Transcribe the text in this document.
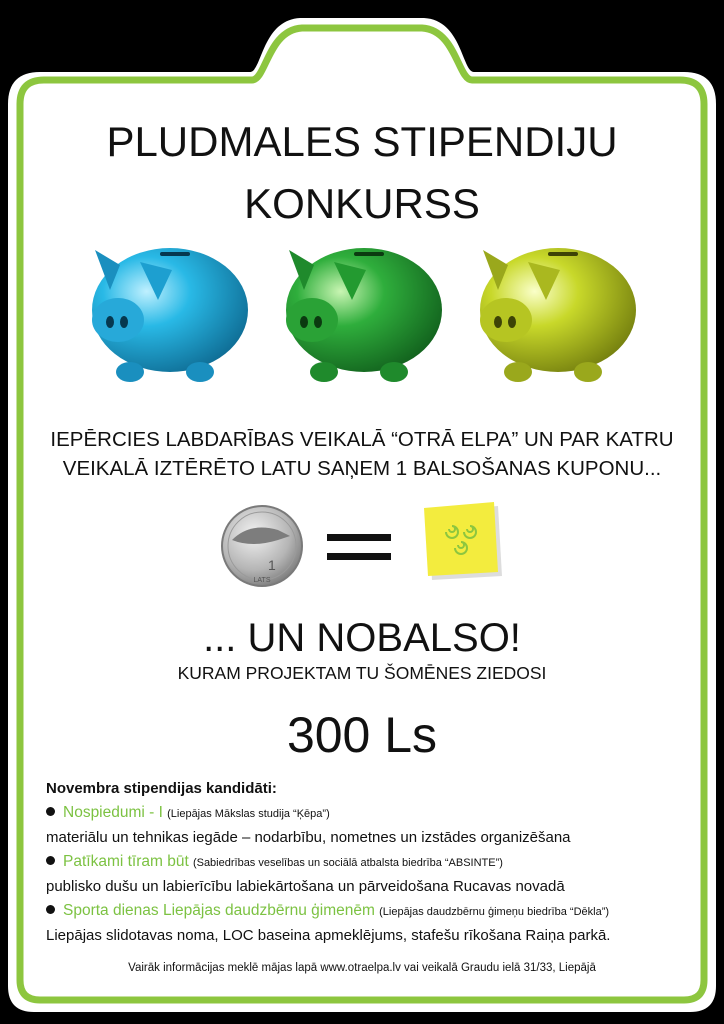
1
LATS
PLUDMALES STIPENDIJU
KONKURSS
IEPĒRCIES LABDARĪBAS VEIKALĀ “OTRĀ ELPA” UN PAR KATRU
VEIKALĀ IZTĒRĒTO LATU SAŅEM 1 BALSOŠANAS KUPONU...
... UN NOBALSO!
KURAM PROJEKTAM TU ŠOMĒNES ZIEDOSI
300 Ls
Novembra stipendijas kandidāti:
Nospiedumi - I (Liepājas Mākslas studija “Ķēpa”)
materiālu un tehnikas iegāde – nodarbību, nometnes un izstādes organizēšana
Patīkami tīram būt (Sabiedrības veselības un sociālā atbalsta biedrība “ABSINTE”)
publisko dušu un labierīcību labiekārtošana un pārveidošana Rucavas novadā
Sporta dienas Liepājas daudzbērnu ģimenēm (Liepājas daudzbērnu ģimeņu biedrība “Dēkla”)
Liepājas slidotavas noma, LOC baseina apmeklējums, stafešu rīkošana Raiņa parkā.
Vairāk informācijas meklē mājas lapā www.otraelpa.lv vai veikalā Graudu ielā 31/33, Liepājā
